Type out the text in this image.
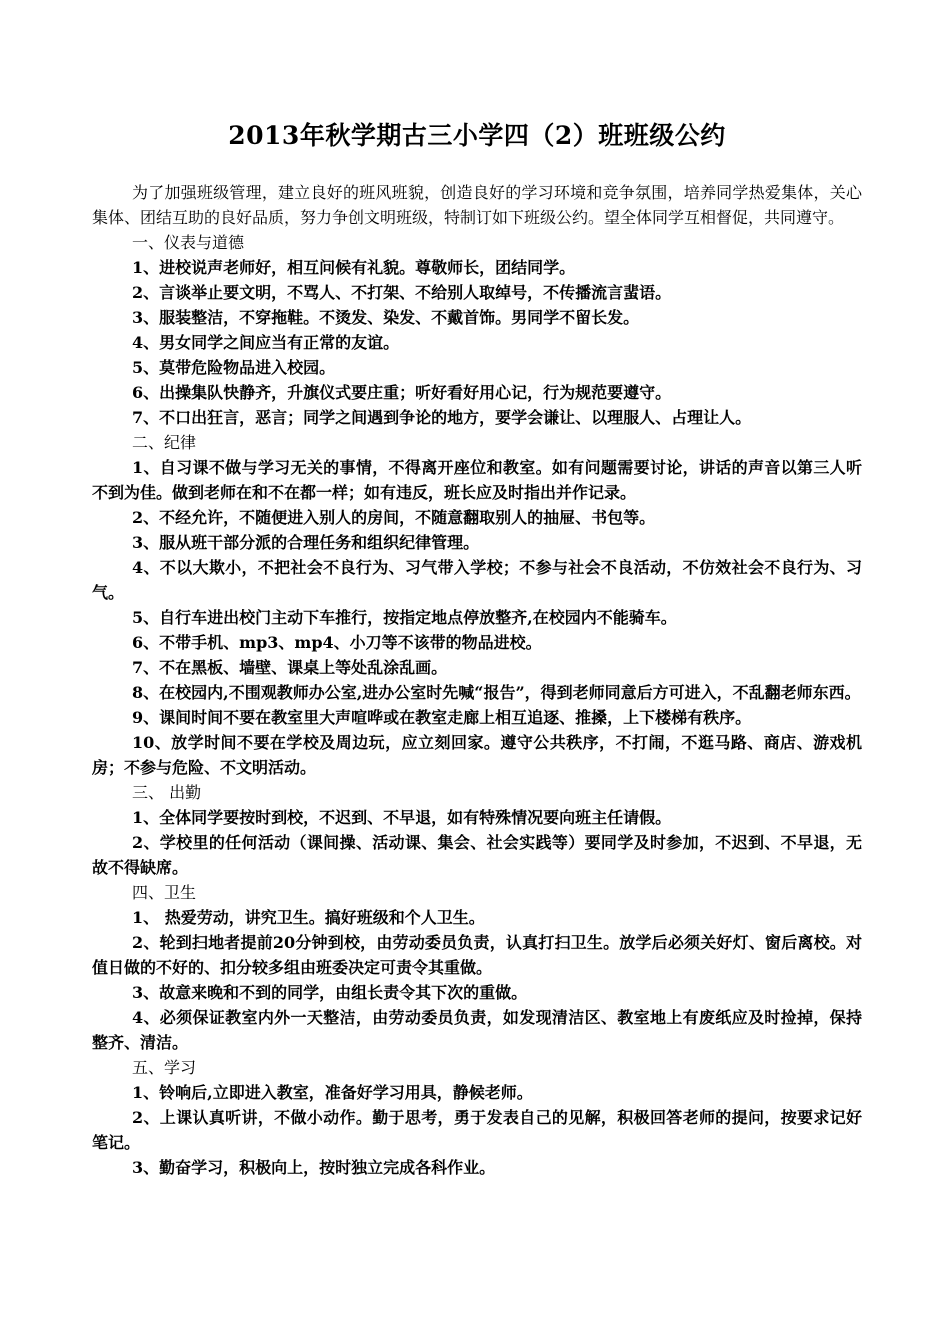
2013年秋学期古三小学四（2）班班级公约

为了加强班级管理，建立良好的班风班貌，创造良好的学习环境和竞争氛围，培养同学热爱集体，关心集体、团结互助的良好品质，努力争创文明班级，特制订如下班级公约。望全体同学互相督促，共同遵守。

一、仪表与道德

1、进校说声老师好，相互问候有礼貌。尊敬师长，团结同学。

2、言谈举止要文明，不骂人、不打架、不给别人取绰号，不传播流言蜚语。

3、服装整洁，不穿拖鞋。不烫发、染发、不戴首饰。男同学不留长发。

4、男女同学之间应当有正常的友谊。

5、莫带危险物品进入校园。

6、出操集队快静齐，升旗仪式要庄重；听好看好用心记，行为规范要遵守。

7、不口出狂言，恶言；同学之间遇到争论的地方，要学会谦让、以理服人、占理让人。

二、纪律

1、自习课不做与学习无关的事情，不得离开座位和教室。如有问题需要讨论，讲话的声音以第三人听不到为佳。做到老师在和不在都一样；如有违反，班长应及时指出并作记录。

2、不经允许，不随便进入别人的房间，不随意翻取别人的抽屉、书包等。

3、服从班干部分派的合理任务和组织纪律管理。

4、不以大欺小，不把社会不良行为、习气带入学校；不参与社会不良活动，不仿效社会不良行为、习气。

5、自行车进出校门主动下车推行，按指定地点停放整齐,在校园内不能骑车。

6、不带手机、mp3、mp4、小刀等不该带的物品进校。

7、不在黑板、墙壁、课桌上等处乱涂乱画。

8、在校园内,不围观教师办公室,进办公室时先喊“报告”，得到老师同意后方可进入，不乱翻老师东西。

9、课间时间不要在教室里大声喧哗或在教室走廊上相互追逐、推搡，上下楼梯有秩序。

10、放学时间不要在学校及周边玩，应立刻回家。遵守公共秩序，不打闹，不逛马路、商店、游戏机房；不参与危险、不文明活动。

三、 出勤

1、全体同学要按时到校，不迟到、不早退，如有特殊情况要向班主任请假。

2、学校里的任何活动（课间操、活动课、集会、社会实践等）要同学及时参加，不迟到、不早退，无故不得缺席。

四、卫生

1、 热爱劳动，讲究卫生。搞好班级和个人卫生。

2、轮到扫地者提前20分钟到校，由劳动委员负责，认真打扫卫生。放学后必须关好灯、窗后离校。对值日做的不好的、扣分较多组由班委决定可责令其重做。

3、故意来晚和不到的同学，由组长责令其下次的重做。

4、必须保证教室内外一天整洁，由劳动委员负责，如发现清洁区、教室地上有废纸应及时捡掉，保持整齐、清洁。

五、学习

1、铃响后,立即进入教室，准备好学习用具，静候老师。

2、上课认真听讲，不做小动作。勤于思考，勇于发表自己的见解，积极回答老师的提问，按要求记好笔记。

3、勤奋学习，积极向上，按时独立完成各科作业。
